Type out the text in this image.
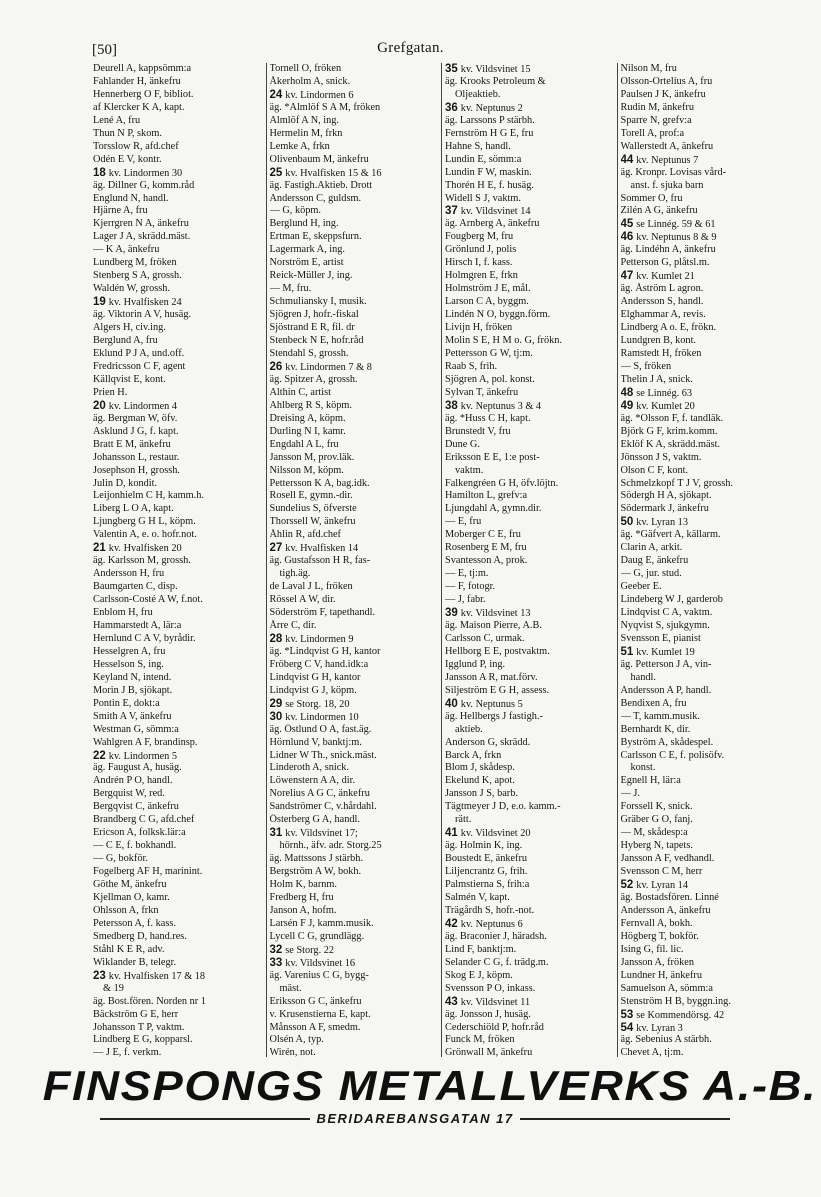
[50]	Grefgatan.
Deurell A, kappsömm:a
Fahlander H, änkefru
Hennerberg O F, bibliot.
af Klercker K A, kapt.
Lené A, fru
Thun N P, skom.
Torsslow R, afd.chef
Odén E V, kontr.
18 kv. Lindormen 30
äg. Dillner G, komm.råd
Englund N, handl.
Hjärne A, fru
Kjerrgren N A, änkefru
Lager J A, skrädd.mäst.
— K A, änkefru
Lundberg M, fröken
Stenberg S A, grossh.
Waldén W, grossh.
19 kv. Hvalfisken 24
äg. Viktorin A V, husäg.
Algers H, civ.ing.
Berglund A, fru
Eklund P J A, und.off.
Fredricsson C F, agent
Källqvist E, kont.
Prien H.
20 kv. Lindormen 4
äg. Bergman W, öfv.
Asklund J G, f. kapt.
Bratt E M, änkefru
Johansson L, restaur.
Josephson H, grossh.
Julin D, kondit.
Leijonhielm C H, kamm.h.
Liberg L O A, kapt.
Ljungberg G H L, köpm.
Valentin A, e. o. hofr.not.
21 kv. Hvalfisken 20
äg. Karlsson M, grossh.
Andersson H, fru
Baumgarten C, disp.
Carlsson-Costé A W, f.not.
Enblom H, fru
Hammarstedt A, lär:a
Hernlund C A V, byrådir.
Hesselgren A, fru
Hesselson S, ing.
Keyland N, intend.
Morin J B, sjökapt.
Pontin E, dokt:a
Smith A V, änkefru
Westman G, sömm:a
Wahlgren A F, brandinsp.
22 kv. Lindormen 5
äg. Faugust A, husäg.
Andrén P O, handl.
Bergquist W, red.
Bergqvist C, änkefru
Brandberg C G, afd.chef
Ericson A, folksk.lär:a
— C E, f. bokhandl.
— G, bokför.
Fogelberg AF H, marinint.
Göthe M, änkefru
Kjellman O, kamr.
Ohlsson A, frkn
Petersson A, f. kass.
Smedberg D, hand.res.
Ståhl K E R, adv.
Wiklander B, telegr.
23 kv. Hvalfisken 17 & 18
& 19
äg. Bost.fören. Norden nr 1
Bäckström G E, herr
Johansson T P, vaktm.
Lindberg E G, kopparsl.
— J E, f. verkm.
Tornell O, fröken
Åkerholm A, snick.
24 kv. Lindormen 6
äg. *Almlöf S A M, fröken
Almlöf A N, ing.
Hermelin M, frkn
Lemke A, frkn
Olivenbaum M, änkefru
25 kv. Hvalfisken 15 & 16
äg. Fastigh.Aktieb. Drott
Andersson C, guldsm.
— G, köpm.
Berglund H, ing.
Ertman E, skeppsfurn.
Lagermark A, ing.
Norström E, artist
Reick-Müller J, ing.
— M, fru.
Schmuliansky I, musik.
Sjögren J, hofr.-fiskal
Sjöstrand E R, fil. dr
Stenbeck N E, hofr.råd
Stendahl S, grossh.
26 kv. Lindormen 7 & 8
äg. Spitzer A, grossh.
Althin C, artist
Ahlberg R S, köpm.
Dreising A, köpm.
Durling N I, kamr.
Engdahl A L, fru
Jansson M, prov.läk.
Nilsson M, köpm.
Pettersson K A, bag.idk.
Rosell E, gymn.-dir.
Sundelius S, öfverste
Thorssell W, änkefru
Åhlin R, afd.chef
27 kv. Hvalfisken 14
äg. Gustafsson H R, fas-
tigh.äg.
de Laval J L, fröken
Rössel A W, dir.
Söderström F, tapethandl.
Årre C, dir.
28 kv. Lindormen 9
äg. *Lindqvist G H, kantor
Fröberg C V, hand.idk:a
Lindqvist G H, kantor
Lindqvist G J, köpm.
29 se Storg. 18, 20
30 kv. Lindormen 10
äg. Östlund O A, fast.äg.
Hörnlund V, banktj:m.
Lidner W Th., snick.mäst.
Linderoth A, snick.
Löwenstern A A, dir.
Norelius A G C, änkefru
Sandströmer C, v.hårdahl.
Österberg G A, handl.
31 kv. Vildsvinet 17;
hörnh., äfv. adr. Storg.25
äg. Mattssons J stärbh.
Bergström A W, bokh.
Holm K, barnm.
Fredberg H, fru
Janson A, hofm.
Larsén F J, kamm.musik.
Lycell C G, grundlägg.
32 se Storg. 22
33 kv. Vildsvinet 16
äg. Varenius C G, bygg-
mäst.
Eriksson G C, änkefru
v. Krusenstierna E, kapt.
Månsson A F, smedm.
Olsén A, typ.
Wirén, not.
35 kv. Vildsvinet 15
äg. Krooks Petroleum &
Oljeaktieb.
36 kv. Neptunus 2
äg. Larssons P stärbh.
Fernström H G E, fru
Hahne S, handl.
Lundin E, sömm:a
Lundin F W, maskin.
Thorén H E, f. husäg.
Widell S J, vaktm.
37 kv. Vildsvinet 14
äg. Arnberg A, änkefru
Fougberg M, fru
Grönlund J, polis
Hirsch I, f. kass.
Holmgren E, frkn
Holmström J E, mål.
Larson C A, byggm.
Lindén N O, byggn.förm.
Livijn H, fröken
Molin S E, H M o. G, frökn.
Pettersson G W, tj:m.
Raab S, frih.
Sjögren A, pol. konst.
Sylvan T, änkefru
38 kv. Neptunus 3 & 4
äg. *Huss C H, kapt.
Brunstedt V, fru
Dune G.
Eriksson E E, 1:e post-
vaktm.
Falkengréen G H, öfv.löjtn.
Hamilton L, grefv:a
Ljungdahl A, gymn.dir.
— E, fru
Moberger C E, fru
Rosenberg E M, fru
Svantesson A, prok.
— E, tj:m.
— F, fotogr.
— J, fabr.
39 kv. Vildsvinet 13
äg. Maison Pierre, A.B.
Carlsson C, urmak.
Hellborg E E, postvaktm.
Igglund P, ing.
Jansson A R, mat.förv.
Siljeström E G H, assess.
40 kv. Neptunus 5
äg. Hellbergs J fastigh.-
aktieb.
Anderson G, skrädd.
Barck A, frkn
Blom J, skådesp.
Ekelund K, apot.
Jansson J S, barb.
Tägtmeyer J D, e.o. kamm.-
rätt.
41 kv. Vildsvinet 20
äg. Holmin K, ing.
Boustedt E, änkefru
Liljencrantz G, frih.
Palmstierna S, frih:a
Salmén V, kapt.
Trägårdh S, hofr.-not.
42 kv. Neptunus 6
äg. Braconier J, häradsh.
Lind F, banktj:m.
Selander C G, f. trädg.m.
Skog E J, köpm.
Svensson P O, inkass.
43 kv. Vildsvinet 11
äg. Jonsson J, husäg.
Cederschiöld P, hofr.råd
Funck M, fröken
Grönwall M, änkefru
Nilson M, fru
Olsson-Ortelius A, fru
Paulsen J K, änkefru
Rudin M, änkefru
Sparre N, grefv:a
Torell A, prof:a
Wallerstedt A, änkefru
44 kv. Neptunus 7
äg. Kronpr. Lovisas vård-
anst. f. sjuka barn
Sommer O, fru
Zilén A G, änkefru
45 se Linnég. 59 & 61
46 kv. Neptunus 8 & 9
äg. Lindéhn A, änkefru
Petterson G, plåtsl.m.
47 kv. Kumlet 21
äg. Åström L agron.
Andersson S, handl.
Elghammar A, revis.
Lindberg A o. E, frökn.
Lundgren B, kont.
Ramstedt H, fröken
— S, fröken
Thelin J A, snick.
48 se Linnég. 63
49 kv. Kumlet 20
äg. *Olsson F, f. tandläk.
Björk G F, krim.komm.
Eklöf K A, skrädd.mäst.
Jönsson J S, vaktm.
Olson C F, kont.
Schmelzkopf T J V, grossh.
Södergh H A, sjökapt.
Södermark J, änkefru
50 kv. Lyran 13
äg. *Gäfvert A, källarm.
Clarin A, arkit.
Daug E, änkefru
— G, jur. stud.
Geeber E.
Lindeberg W J, garderob
Lindqvist C A, vaktm.
Nyqvist S, sjukgymn.
Svensson E, pianist
51 kv. Kumlet 19
äg. Petterson J A, vin-
handl.
Andersson A P, handl.
Bendixen A, fru
— T, kamm.musik.
Bernhardt K, dir.
Byström A, skådespel.
Carlsson C E, f. polisöfv.
konst.
Egnell H, lär:a
— J.
Forssell K, snick.
Gräber G O, fanj.
— M, skådesp:a
Hyberg N, tapets.
Jansson A F, vedhandl.
Svensson C M, herr
52 kv. Lyran 14
äg. Bostadsfören. Linné
Andersson A, änkefru
Fernvall A, bokh.
Högberg T, bokför.
Ising G, fil. lic.
Jansson A, fröken
Lundner H, änkefru
Samuelson A, sömm:a
Stenström H B, byggn.ing.
53 se Kommendörsg. 42
54 kv. Lyran 3
äg. Sebenius A stärbh.
Chevet A, tj:m.
FINSPONGS METALLVERKS A.-B.
BERIDAREBANSGATAN 17
